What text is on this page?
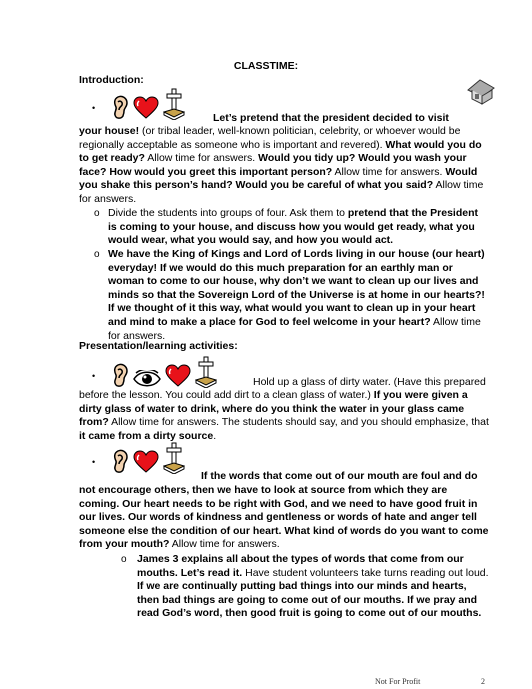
CLASSTIME:
Introduction:
•
Let’s pretend that the president decided to visit
your house! (or tribal leader, well-known politician, celebrity, or whoever would be regionally acceptable as someone who is important and revered). What would you do to get ready? Allow time for answers. Would you tidy up? Would you wash your face? How would you greet this important person? Allow time for answers. Would you shake this person’s hand? Would you be careful of what you said? Allow time for answers.
o Divide the students into groups of four. Ask them to pretend that the President is coming to your house, and discuss how you would get ready, what you would wear, what you would say, and how you would act.
o We have the King of Kings and Lord of Lords living in our house (our heart) everyday! If we would do this much preparation for an earthly man or woman to come to our house, why don’t we want to clean up our lives and minds so that the Sovereign Lord of the Universe is at home in our hearts?! If we thought of it this way, what would you want to clean up in your heart and mind to make a place for God to feel welcome in your heart? Allow time for answers.
Presentation/learning activities:
•	Hold up a glass of dirty water. (Have this prepared
before the lesson. You could add dirt to a clean glass of water.) If you were given a dirty glass of water to drink, where do you think the water in your glass came from? Allow time for answers. The students should say, and you should emphasize, that it came from a dirty source.
•
If the words that come out of our mouth are foul and do
not encourage others, then we have to look at source from which they are coming. Our heart needs to be right with God, and we need to have good fruit in our lives. Our words of kindness and gentleness or words of hate and anger tell someone else the condition of our heart. What kind of words do you want to come from your mouth? Allow time for answers.
o James 3 explains all about the types of words that come from our mouths. Let’s read it. Have student volunteers take turns reading out loud. If we are continually putting bad things into our minds and hearts, then bad things are going to come out of our mouths. If we pray and read God’s word, then good fruit is going to come out of our mouths.
Not For Profit	2
